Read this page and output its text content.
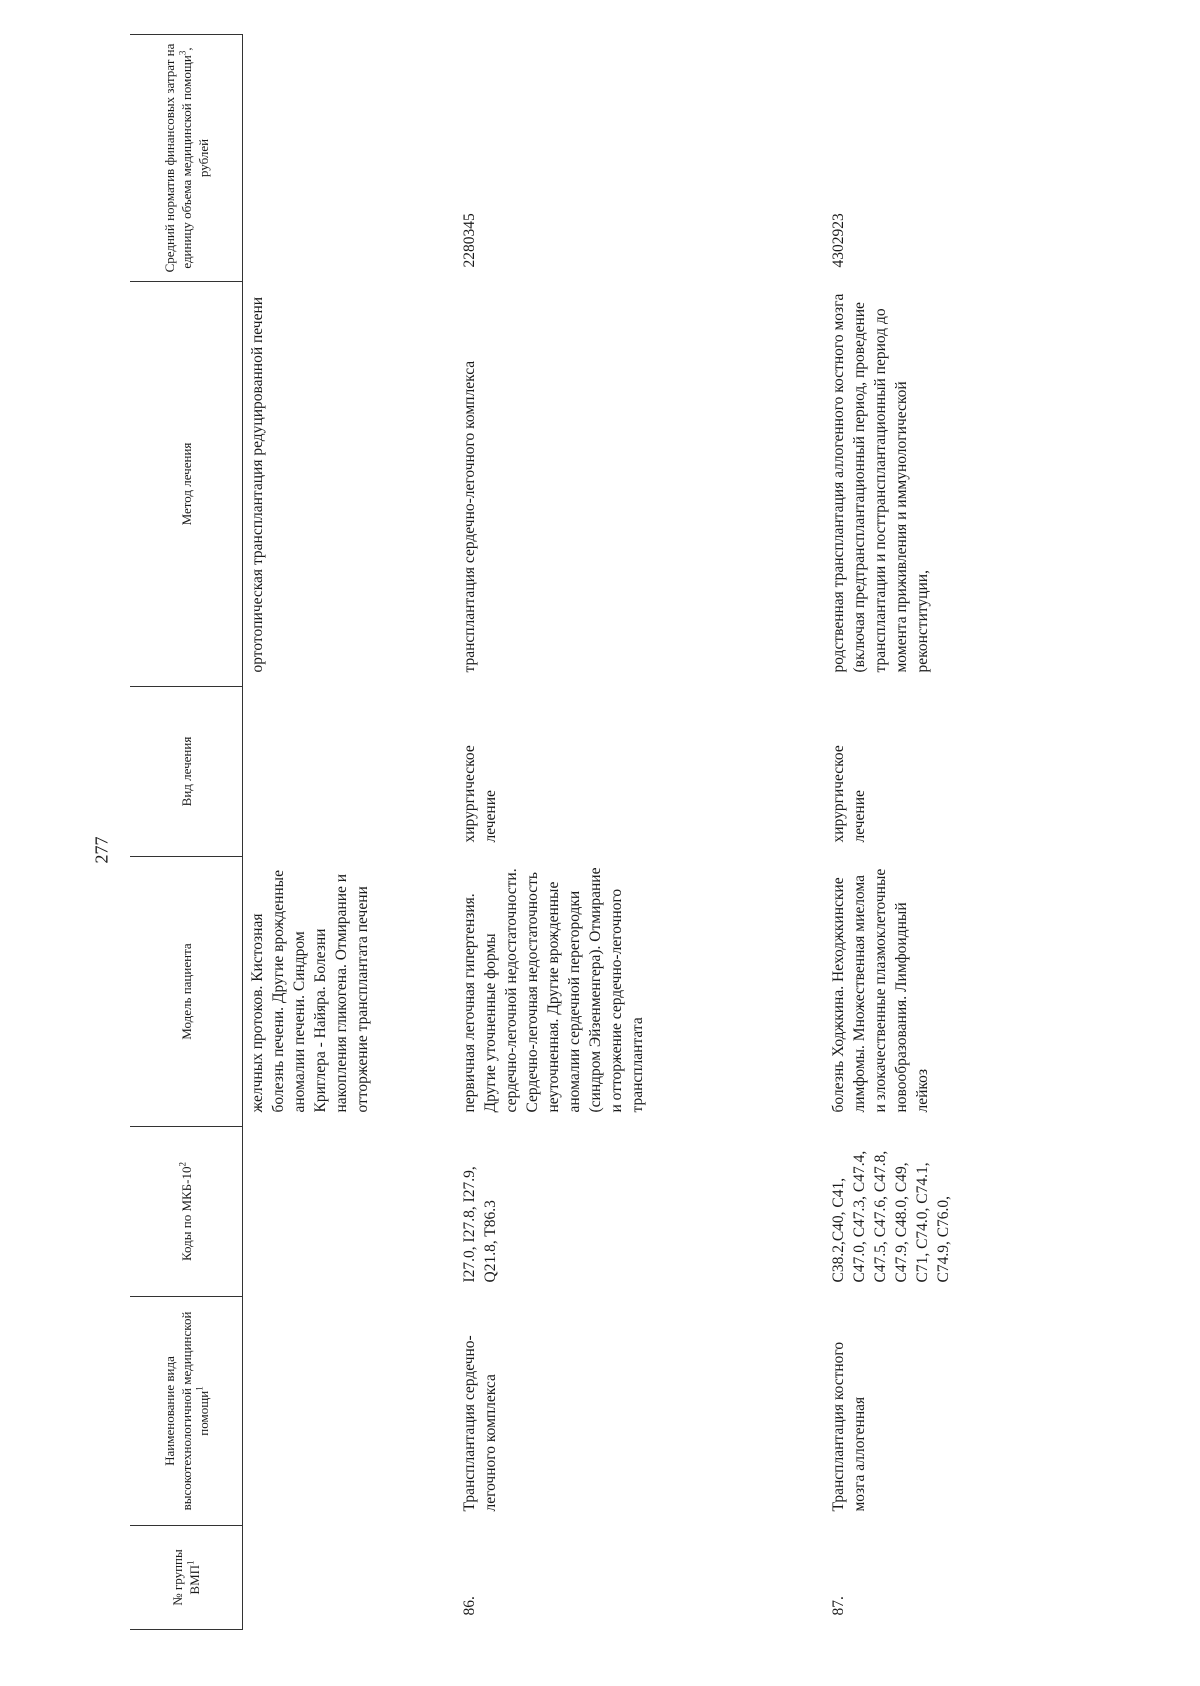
277
№ группы ВМП$^1$	Наименование вида высокотехнологичной медицинской помощи$^1$	Коды по МКБ-$10^2$	Модель пациента	Вид лечения	Метод лечения	Средний норматив финансовых затрат на единицу объема медицинской помощи$^3$, рублей
			желчных протоков. Кистозная болезнь печени. Другие врожденные аномалии печени. Синдром Криглера - Найяра. Болезни накопления гликогена. Отмирание и отторжение трансплантата печени		ортотопическая трансплантация редуцированной печени	
86.	Трансплантация сердечно-легочного комплекса	I27.0, I27.8, I27.9, Q21.8, T86.3	первичная легочная гипертензия. Другие уточненные формы сердечно-легочной недостаточности. Сердечно-легочная недостаточность неуточненная. Другие врожденные аномалии сердечной перегородки (синдром Эйзенменгера). Отмирание и отторжение сердечно-легочного трансплантата	хирургическое лечение	трансплантация сердечно-легочного комплекса	2280345
87.	Трансплантация костного мозга аллогенная	C38.2,C40, C41, C47.0, C47.3, C47.4, C47.5, C47.6, C47.8, C47.9, C48.0, C49, C71, C74.0, C74.1, C74.9, C76.0,	болезнь Ходжкина. Неходжкинские лимфомы. Множественная миелома и злокачественные плазмоклеточные новообразования. Лимфоидный лейкоз	хирургическое лечение	родственная трансплантация аллогенного костного мозга (включая предтрансплантационный период, проведение трансплантации и посттрансплантационный период до момента приживления и иммунологической реконституции,	4302923
